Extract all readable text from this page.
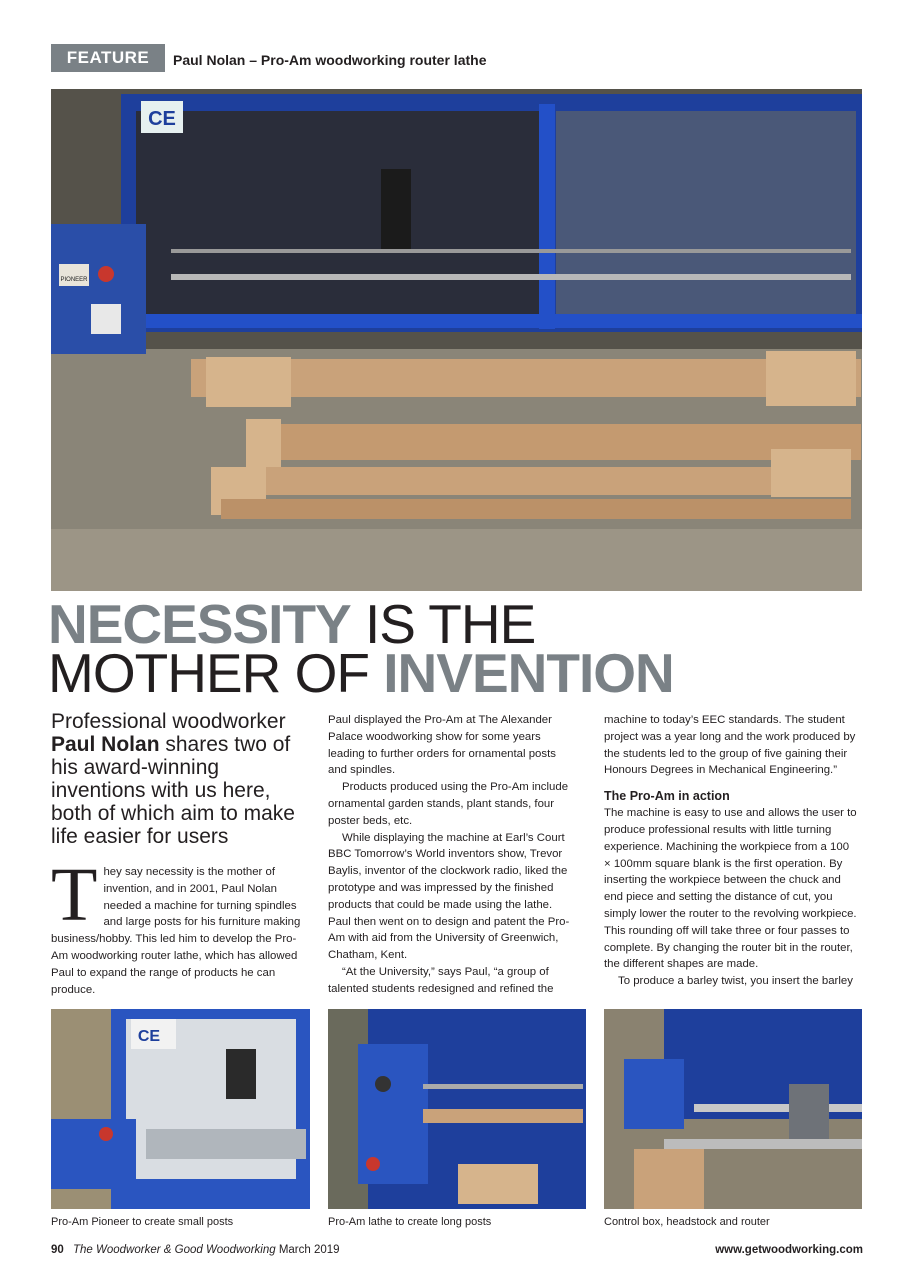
FEATURE	Paul Nolan – Pro-Am woodworking router lathe
PIONEER
CE
NECESSITY IS THE
MOTHER OF INVENTION
Professional woodworker Paul Nolan shares two of his award-winning inventions with us here, both of which aim to make life easier for users
T hey say necessity is the mother of invention, and in 2001, Paul Nolan needed a machine for turning spindles and large posts for his furniture making business/hobby. This led him to develop the Pro-Am woodworking router lathe, which has allowed Paul to expand the range of products he can produce.

Paul displayed the Pro-Am at The Alexander Palace woodworking show for some years leading to further orders for ornamental posts and spindles.

Products produced using the Pro-Am include ornamental garden stands, plant stands, four poster beds, etc.

While displaying the machine at Earl’s Court BBC Tomorrow’s World inventors show, Trevor Baylis, inventor of the clockwork radio, liked the prototype and was impressed by the finished products that could be made using the lathe. Paul then went on to design and patent the Pro-Am with aid from the University of Greenwich, Chatham, Kent.

“At the University,” says Paul, “a group of talented students redesigned and refined the

machine to today’s EEC standards. The student project was a year long and the work produced by the students led to the group of five gaining their Honours Degrees in Mechanical Engineering.”

The Pro-Am in action

The machine is easy to use and allows the user to produce professional results with little turning experience. Machining the workpiece from a 100 × 100mm square blank is the first operation. By inserting the workpiece between the chuck and end piece and setting the distance of cut, you simply lower the router to the revolving workpiece. This rounding off will take three or four passes to complete. By changing the router bit in the router, the different shapes are made.

To produce a barley twist, you insert the barley

CE
Pro-Am Pioneer to create small posts	Pro-Am lathe to create long posts	Control box, headstock and router
90 The Woodworker & Good Woodworking March 2019	www.getwoodworking.com
